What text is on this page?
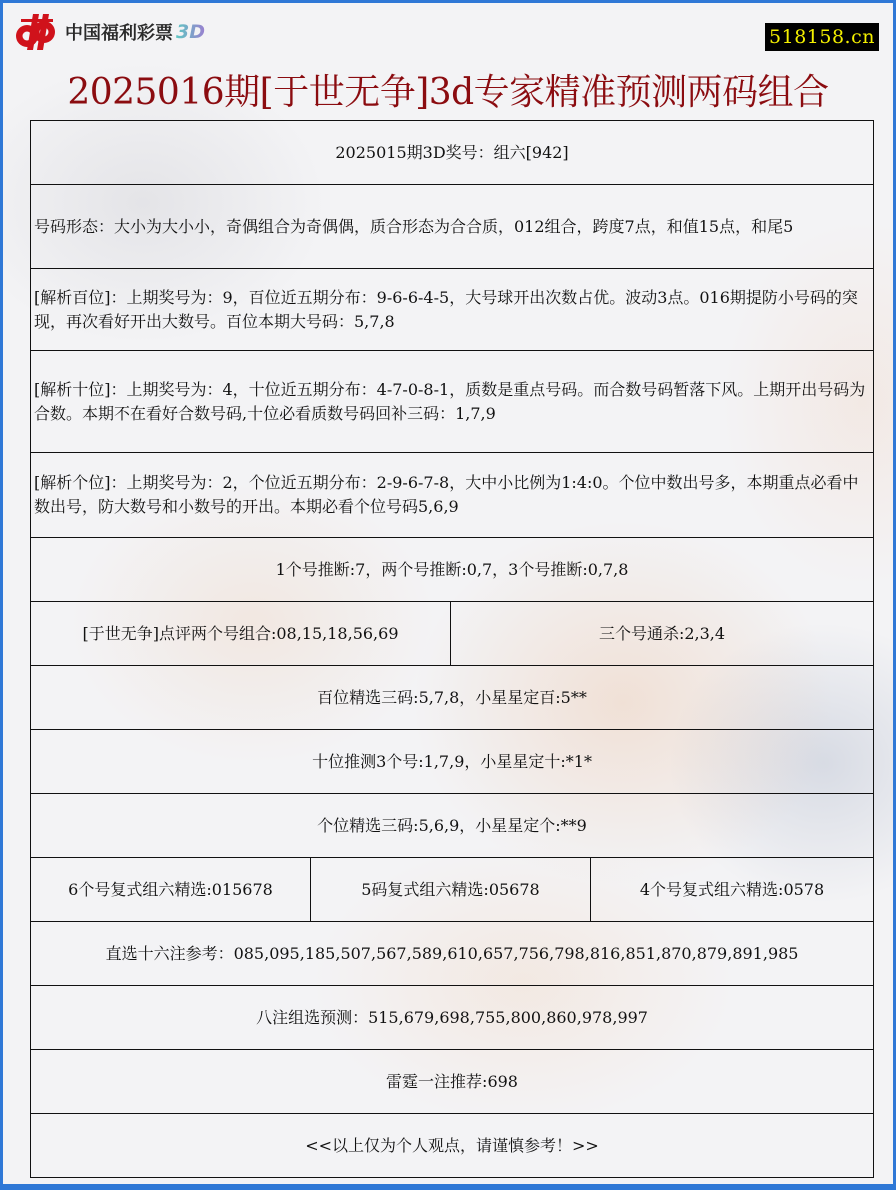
中国福利彩票 3D	518158.cn
2025016期[于世无争]3d专家精准预测两码组合
2025015期3D奖号：组六[942]			
号码形态：大小为大小小，奇偶组合为奇偶偶，质合形态为合合质，012组合，跨度7点，和值15点，和尾5			
[解析百位]：上期奖号为：9，百位近五期分布：9-6-6-4-5，大号球开出次数占优。波动3点。016期提防小号码的突现，再次看好开出大数号。百位本期大号码：5,7,8			
[解析十位]：上期奖号为：4，十位近五期分布：4-7-0-8-1，质数是重点号码。而合数号码暂落下风。上期开出号码为合数。本期不在看好合数号码,十位必看质数号码回补三码：1,7,9			
[解析个位]：上期奖号为：2，个位近五期分布：2-9-6-7-8，大中小比例为1:4:0。个位中数出号多，本期重点必看中数出号，防大数号和小数号的开出。本期必看个位号码5,6,9			
1个号推断:7，两个号推断:0,7，3个号推断:0,7,8			
[于世无争]点评两个号组合:08,15,18,56,69		三个号通杀:2,3,4	
百位精选三码:5,7,8，小星星定百:5**			
十位推测3个号:1,7,9，小星星定十:*1*			
个位精选三码:5,6,9，小星星定个:**9			
6个号复式组六精选:015678	5码复式组六精选:05678		4个号复式组六精选:0578
直选十六注参考：085,095,185,507,567,589,610,657,756,798,816,851,870,879,891,985			
八注组选预测：515,679,698,755,800,860,978,997			
雷霆一注推荐:698			
<<以上仅为个人观点，请谨慎参考！>>			
